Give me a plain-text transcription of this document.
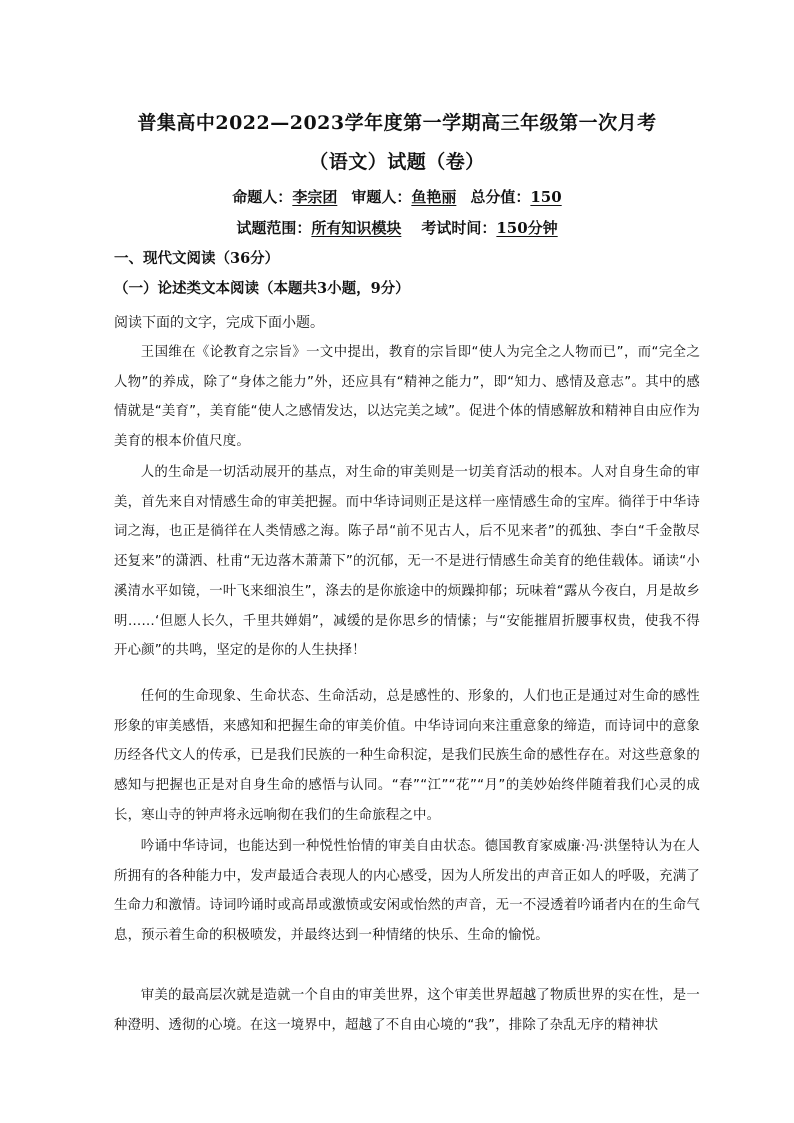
普集高中2022—2023学年度第一学期高三年级第一次月考
（语文）试题（卷）
命题人：李宗团 审题人：鱼艳丽 总分值：150
试题范围：所有知识模块 考试时间：150分钟
一、现代文阅读（36分）
（一）论述类文本阅读（本题共3小题，9分）
阅读下面的文字，完成下面小题。
王国维在《论教育之宗旨》一文中提出，教育的宗旨即“使人为完全之人物而已”，而“完全之人物”的养成，除了“身体之能力”外，还应具有“精神之能力”，即“知力、感情及意志”。其中的感情就是“美育”，美育能“使人之感情发达，以达完美之域”。促进个体的情感解放和精神自由应作为美育的根本价值尺度。
人的生命是一切活动展开的基点，对生命的审美则是一切美育活动的根本。人对自身生命的审美，首先来自对情感生命的审美把握。而中华诗词则正是这样一座情感生命的宝库。徜徉于中华诗词之海，也正是徜徉在人类情感之海。陈子昂“前不见古人，后不见来者”的孤独、李白“千金散尽还复来”的潇洒、杜甫“无边落木萧萧下”的沉郁，无一不是进行情感生命美育的绝佳载体。诵读“小溪清水平如镜，一叶飞来细浪生”，涤去的是你旅途中的烦躁抑郁；玩味着“露从今夜白，月是故乡明……‘但愿人长久，千里共婵娟”，减缓的是你思乡的情愫；与“安能摧眉折腰事权贵，使我不得开心颜”的共鸣，坚定的是你的人生抉择！
任何的生命现象、生命状态、生命活动，总是感性的、形象的，人们也正是通过对生命的感性形象的审美感悟，来感知和把握生命的审美价值。中华诗词向来注重意象的缔造，而诗词中的意象历经各代文人的传承，已是我们民族的一种生命积淀，是我们民族生命的感性存在。对这些意象的感知与把握也正是对自身生命的感悟与认同。“春”“江”“花”“月”的美妙始终伴随着我们心灵的成长，寒山寺的钟声将永远响彻在我们的生命旅程之中。
吟诵中华诗词，也能达到一种悦性怡情的审美自由状态。德国教育家威廉·冯·洪堡特认为在人所拥有的各种能力中，发声最适合表现人的内心感受，因为人所发出的声音正如人的呼吸，充满了生命力和激情。诗词吟诵时或高昂或激愤或安闲或怡然的声音，无一不浸透着吟诵者内在的生命气息，预示着生命的积极喷发，并最终达到一种情绪的快乐、生命的愉悦。
审美的最高层次就是造就一个自由的审美世界，这个审美世界超越了物质世界的实在性，是一种澄明、透彻的心境。在这一境界中，超越了不自由心境的“我”，排除了杂乱无序的精神状
